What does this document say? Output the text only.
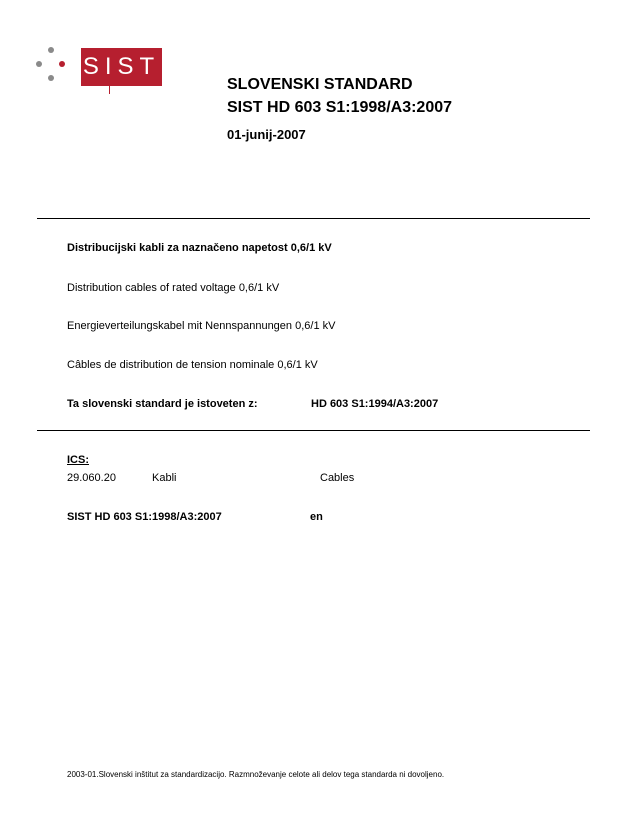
SIST
SLOVENSKI STANDARD
SIST HD 603 S1:1998/A3:2007
01-junij-2007
Distribucijski kabli za naznačeno napetost 0,6/1 kV
Distribution cables of rated voltage 0,6/1 kV
Energieverteilungskabel mit Nennspannungen 0,6/1 kV
Câbles de distribution de tension nominale 0,6/1 kV
Ta slovenski standard je istoveten z:	HD 603 S1:1994/A3:2007
ICS:
29.060.20	Kabli	Cables
SIST HD 603 S1:1998/A3:2007	en
2003-01.Slovenski inštitut za standardizacijo. Razmnoževanje celote ali delov tega standarda ni dovoljeno.
